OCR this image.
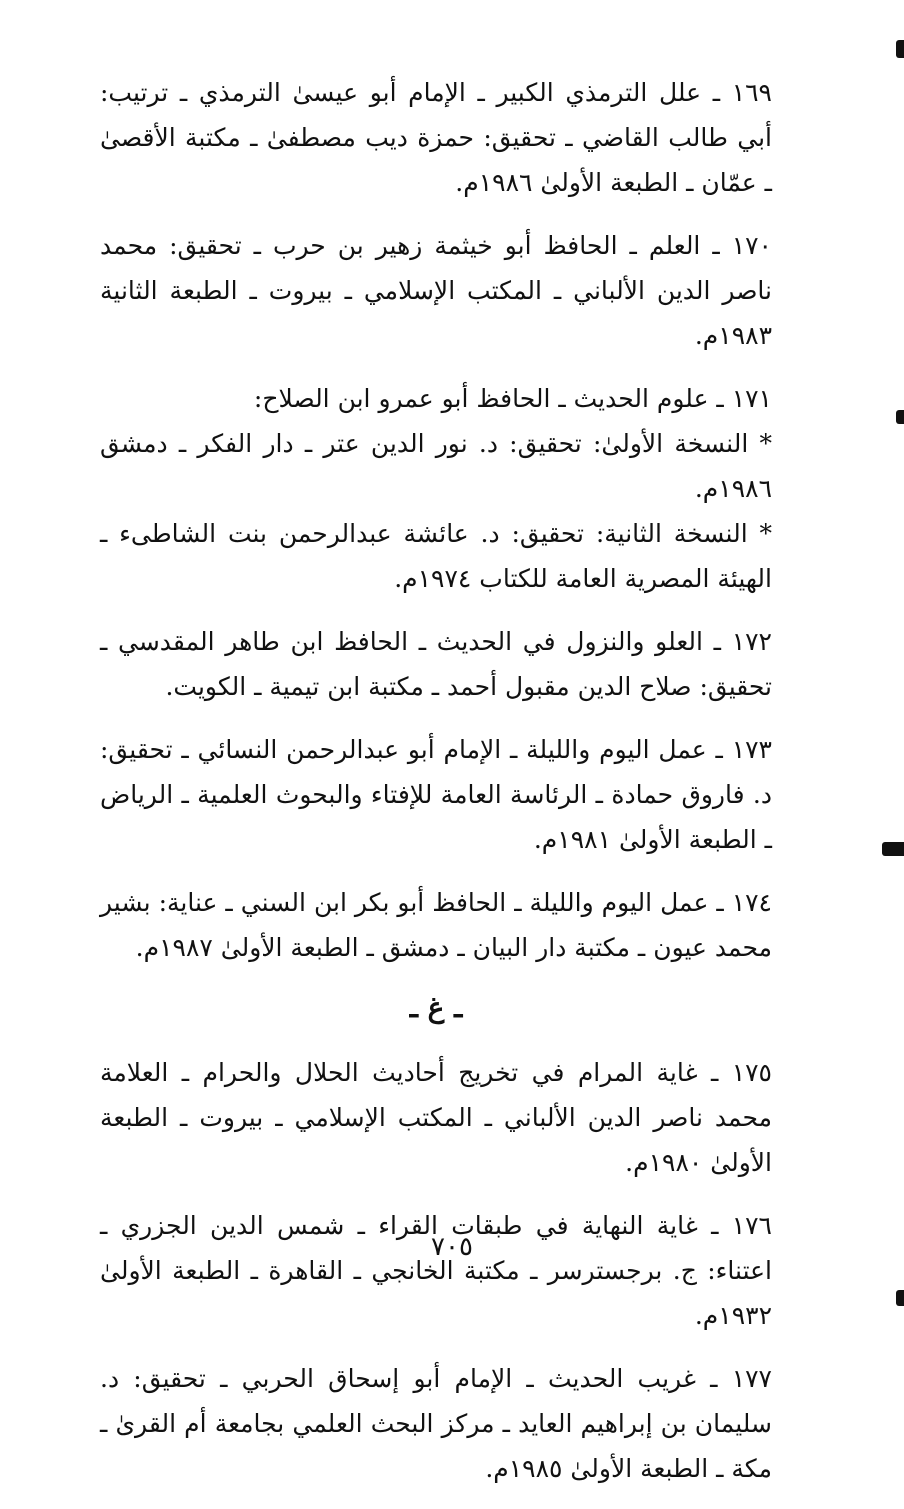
١٦٩ ـ علل الترمذي الكبير ـ الإمام أبو عيسىٰ الترمذي ـ ترتيب: أبي طالب القاضي ـ تحقيق: حمزة ديب مصطفىٰ ـ مكتبة الأقصىٰ ـ عمّان ـ الطبعة الأولىٰ ١٩٨٦م.

١٧٠ ـ العلم ـ الحافظ أبو خيثمة زهير بن حرب ـ تحقيق: محمد ناصر الدين الألباني ـ المكتب الإسلامي ـ بيروت ـ الطبعة الثانية ١٩٨٣م.

١٧١ ـ علوم الحديث ـ الحافظ أبو عمرو ابن الصلاح:

* النسخة الأولىٰ: تحقيق: د. نور الدين عتر ـ دار الفكر ـ دمشق ١٩٨٦م.

* النسخة الثانية: تحقيق: د. عائشة عبدالرحمن بنت الشاطىء ـ الهيئة المصرية العامة للكتاب ١٩٧٤م.

١٧٢ ـ العلو والنزول في الحديث ـ الحافظ ابن طاهر المقدسي ـ تحقيق: صلاح الدين مقبول أحمد ـ مكتبة ابن تيمية ـ الكويت.

١٧٣ ـ عمل اليوم والليلة ـ الإمام أبو عبدالرحمن النسائي ـ تحقيق: د. فاروق حمادة ـ الرئاسة العامة للإفتاء والبحوث العلمية ـ الرياض ـ الطبعة الأولىٰ ١٩٨١م.

١٧٤ ـ عمل اليوم والليلة ـ الحافظ أبو بكر ابن السني ـ عناية: بشير محمد عيون ـ مكتبة دار البيان ـ دمشق ـ الطبعة الأولىٰ ١٩٨٧م.

ـ غ ـ

١٧٥ ـ غاية المرام في تخريج أحاديث الحلال والحرام ـ العلامة محمد ناصر الدين الألباني ـ المكتب الإسلامي ـ بيروت ـ الطبعة الأولىٰ ١٩٨٠م.

١٧٦ ـ غاية النهاية في طبقات القراء ـ شمس الدين الجزري ـ اعتناء: ج. برجسترسر ـ مكتبة الخانجي ـ القاهرة ـ الطبعة الأولىٰ ١٩٣٢م.

١٧٧ ـ غريب الحديث ـ الإمام أبو إسحاق الحربي ـ تحقيق: د. سليمان بن إبراهيم العايد ـ مركز البحث العلمي بجامعة أم القرىٰ ـ مكة ـ الطبعة الأولىٰ ١٩٨٥م.

٧٠٥
